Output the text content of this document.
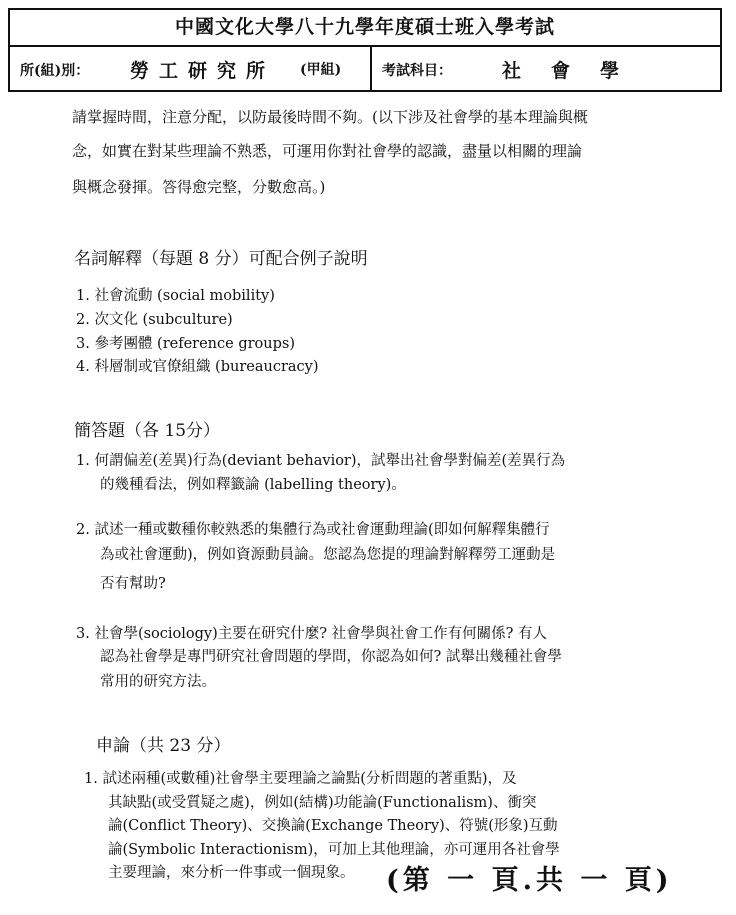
中國文化大學八十九學年度碩士班入學考試
所(組)別： 勞工研究所 (甲組)	考試科目：	社會學
請掌握時間，注意分配，以防最後時間不夠。(以下涉及社會學的基本理論與概
念，如實在對某些理論不熟悉，可運用你對社會學的認識，盡量以相關的理論
與概念發揮。答得愈完整，分數愈高。)
名詞解釋（每題 8 分）可配合例子說明
1. 社會流動 (social mobility)
2. 次文化 (subculture)
3. 參考團體 (reference groups)
4. 科層制或官僚組織 (bureaucracy)
簡答題（各 15分）
1. 何謂偏差(差異)行為(deviant behavior)，試舉出社會學對偏差(差異行為
的幾種看法，例如釋籤論 (labelling theory)。
2. 試述一種或數種你較熟悉的集體行為或社會運動理論(即如何解釋集體行
為或社會運動)，例如資源動員論。您認為您提的理論對解釋勞工運動是
否有幫助?
3. 社會學(sociology)主要在研究什麼? 社會學與社會工作有何關係? 有人
認為社會學是專門研究社會問題的學問，你認為如何? 試舉出幾種社會學
常用的研究方法。
申論（共 23 分）
1. 試述兩種(或數種)社會學主要理論之論點(分析問題的著重點)，及
其缺點(或受質疑之處)，例如(結構)功能論(Functionalism)、衝突
論(Conflict Theory)、交換論(Exchange Theory)、符號(形象)互動
論(Symbolic Interactionism)，可加上其他理論，亦可運用各社會學
主要理論，來分析一件事或一個現象。 (第 一 頁.共 一 頁)
